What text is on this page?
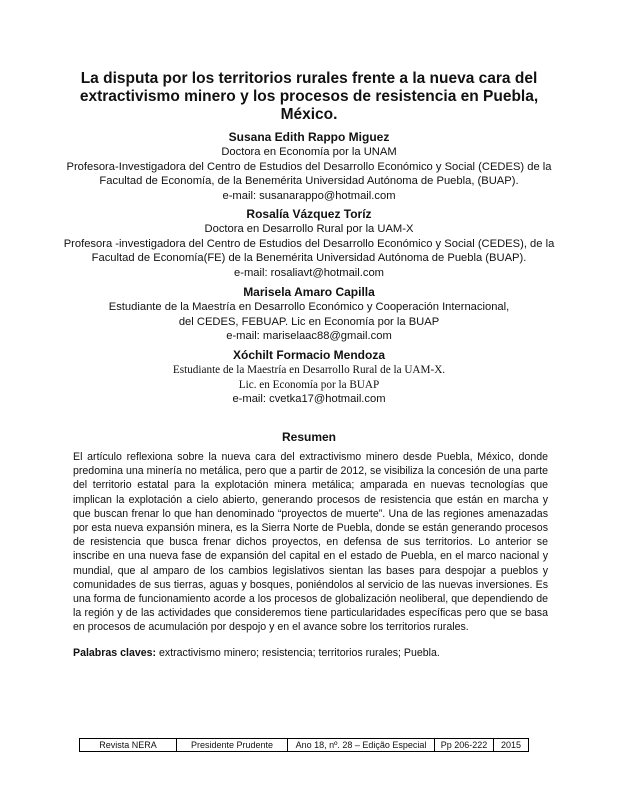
La disputa por los territorios rurales frente a la nueva cara del extractivismo minero y los procesos de resistencia en Puebla, México.

Susana Edith Rappo Miguez

Doctora en Economía por la UNAM

Profesora-Investigadora del Centro de Estudios del Desarrollo Económico y Social (CEDES) de la Facultad de Economía, de la Benemérita Universidad Autónoma de Puebla, (BUAP).

e-mail: susanarappo@hotmail.com

Rosalía Vázquez Toríz

Doctora en Desarrollo Rural por la UAM-X

Profesora -investigadora del Centro de Estudios del Desarrollo Económico y Social (CEDES), de la Facultad de Economía(FE) de la Benemérita Universidad Autónoma de Puebla (BUAP).

e-mail: rosaliavt@hotmail.com

Marisela Amaro Capilla

Estudiante de la Maestría en Desarrollo Económico y Cooperación Internacional,

del CEDES, FEBUAP. Lic en Economía por la BUAP

e-mail: mariselaac88@gmail.com

Xóchilt Formacio Mendoza

Estudiante de la Maestría en Desarrollo Rural de la UAM-X.

Lic. en Economía por la BUAP

e-mail: cvetka17@hotmail.com

Resumen

El artículo reflexiona sobre la nueva cara del extractivismo minero desde Puebla, México, donde predomina una minería no metálica, pero que a partir de 2012, se visibiliza la concesión de una parte del territorio estatal para la explotación minera metálica; amparada en nuevas tecnologías que implican la explotación a cielo abierto, generando procesos de resistencia que están en marcha y que buscan frenar lo que han denominado “proyectos de muerte”. Una de las regiones amenazadas por esta nueva expansión minera, es la Sierra Norte de Puebla, donde se están generando procesos de resistencia que busca frenar dichos proyectos, en defensa de sus territorios. Lo anterior se inscribe en una nueva fase de expansión del capital en el estado de Puebla, en el marco nacional y mundial, que al amparo de los cambios legislativos sientan las bases para despojar a pueblos y comunidades de sus tierras, aguas y bosques, poniéndolos al servicio de las nuevas inversiones. Es una forma de funcionamiento acorde a los procesos de globalización neoliberal, que dependiendo de la región y de las actividades que consideremos tiene particularidades específicas pero que se basa en procesos de acumulación por despojo y en el avance sobre los territorios rurales.

Palabras claves: extractivismo minero; resistencia; territorios rurales; Puebla.

Revista NERA	Presidente Prudente	Ano 18, nº. 28 – Edição Especial	Pp 206-222	2015
